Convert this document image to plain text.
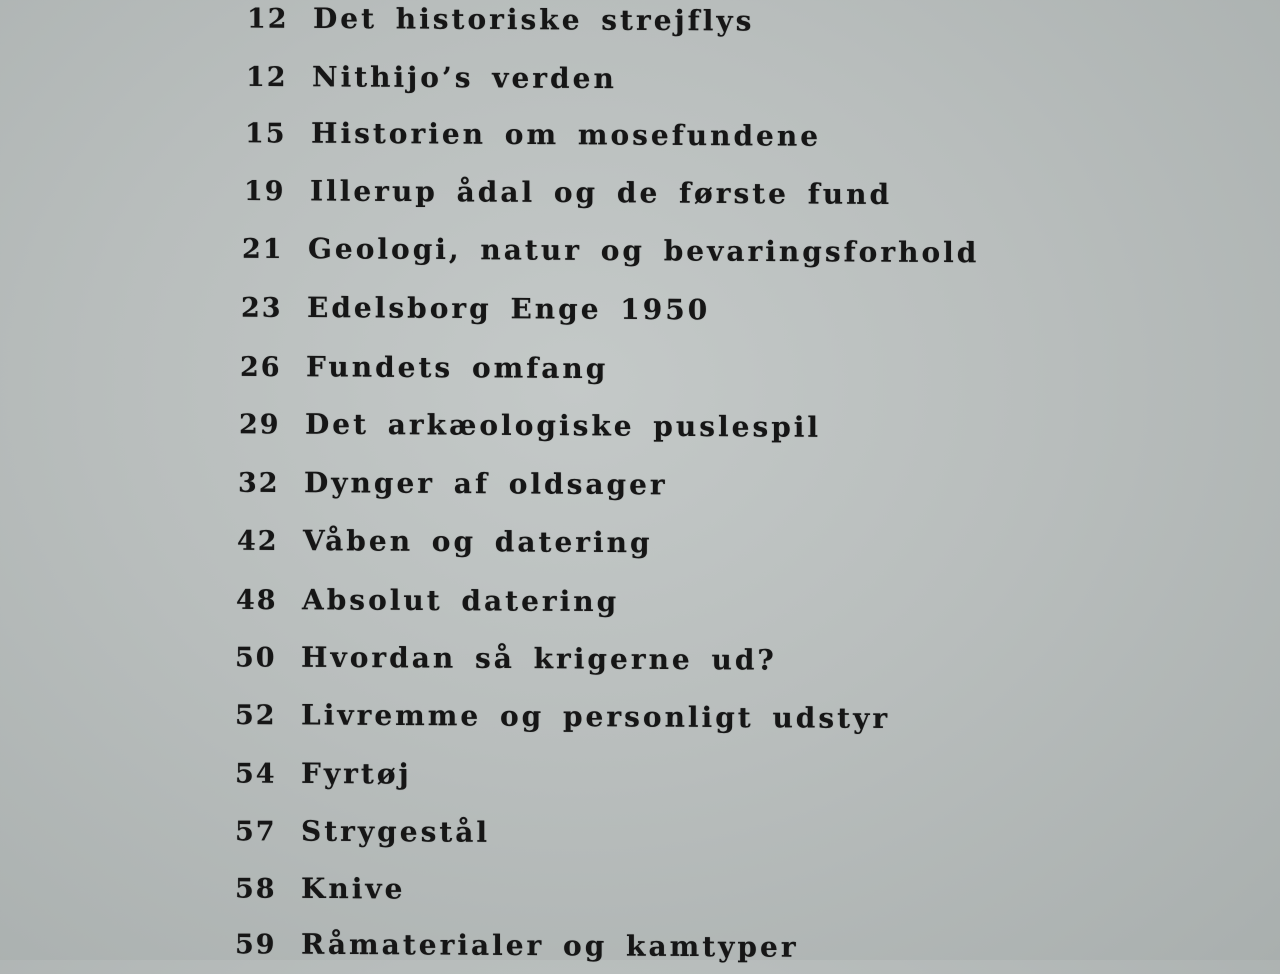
12 Det historiske strejflys
12 Nithijo’s verden
15 Historien om mosefundene
19 Illerup ådal og de første fund
21 Geologi, natur og bevaringsforhold
23 Edelsborg Enge 1950
26 Fundets omfang
29 Det arkæologiske puslespil
32 Dynger af oldsager
42 Våben og datering
48 Absolut datering
50 Hvordan så krigerne ud?
52 Livremme og personligt udstyr
54 Fyrtøj
57 Strygestål
58 Knive
59 Råmaterialer og kamtyper
